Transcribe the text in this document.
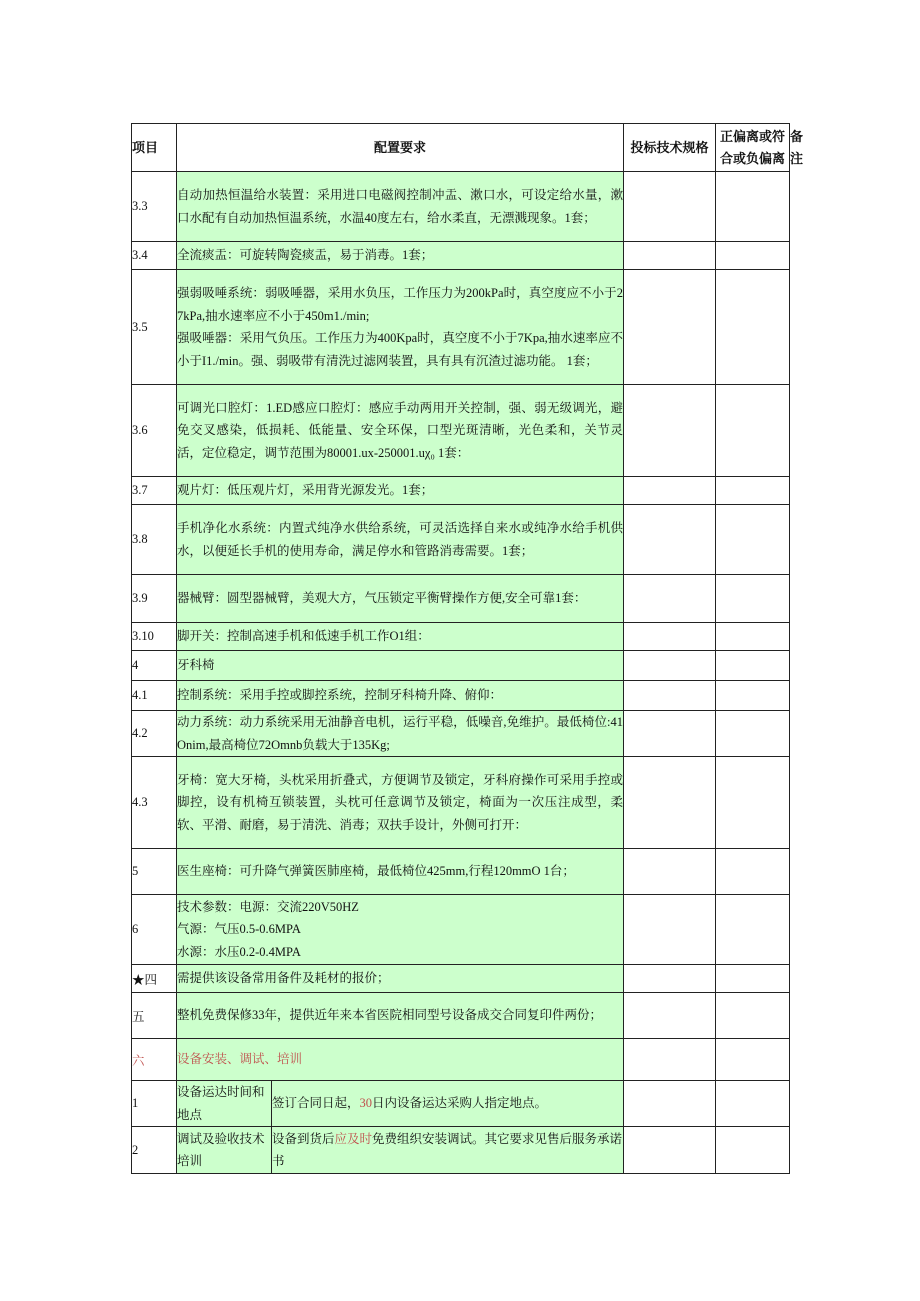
项目	配置要求		投标技术规格	正偏离或符合或负偏离	备注
3.3	自动加热恒温给水装置：采用进口电磁阀控制冲盂、漱口水，可设定给水量，漱口水配有自动加热恒温系统，水温40度左右，给水柔直，无漂溅现象。1套；				
3.4	全流痰盂：可旋转陶瓷痰盂，易于消毒。1套；				
3.5	强弱吸唾系统：弱吸唾器，采用水负压，工作压力为200kPa时，真空度应不小于27kPa,抽水速率应不小于450m1./min;
强吸唾器：采用气负压。工作压力为400Kpa时，真空度不小于7Kpa,抽水速率应不小于I1./min。强、弱吸带有清洗过滤网装置，具有具有沉渣过滤功能。 1套；				
3.6	可调光口腔灯：1.ED感应口腔灯：感应手动两用开关控制，强、弱无级调光，避免交叉感染，低损耗、低能量、安全环保，口型光斑清晰，光色柔和，关节灵活，定位稳定，调节范围为80001.ux-250001.uχ₀ 1套：				
3.7	观片灯：低压观片灯，采用背光源发光。1套；				
3.8	手机净化水系统：内置式纯净水供给系统，可灵活选择自来水或纯净水给手机供水，以便延长手机的使用寿命，满足停水和管路消毒需要。1套；				
3.9	器械臂：圆型器械臂，美观大方，气压锁定平衡臂操作方便,安全可靠1套：				
3.10	脚开关：控制高速手机和低速手机工作O1组：				
4	牙科椅				
4.1	控制系统：采用手控或脚控系统，控制牙科椅升降、俯仰：				
4.2	动力系统：动力系统采用无油静音电机，运行平稳，低噪音,免维护。最低椅位:41Onim,最高椅位72Omnb负载大于135Kg;				
4.3	牙椅：宽大牙椅，头枕采用折叠式，方便调节及锁定，牙科府操作可采用手控或脚控，设有机椅互锁装置，头枕可任意调节及锁定，椅面为一次压注成型，柔软、平滑、耐磨，易于清洗、消毒；双扶手设计，外侧可打开：				
5	医生座椅：可升降气弹簧医肺座椅，最低椅位425mm,行程120mmO 1台；				
6	技术参数：电源：交流220V50HZ
气源：气压0.5-0.6MPA
水源：水压0.2-0.4MPA				
★四	需提供该设备常用备件及耗材的报价；				
五	整机免费保修33年，提供近年来本省医院相同型号设备成交合同复印件两份；				
六	设备安装、调试、培训				
1	设备运达时间和地点	签订合同日起，30日内设备运达采购人指定地点。			
2	调试及验收技术培训	设备到货后应及时免费组织安装调试。其它要求见售后服务承诺书			
